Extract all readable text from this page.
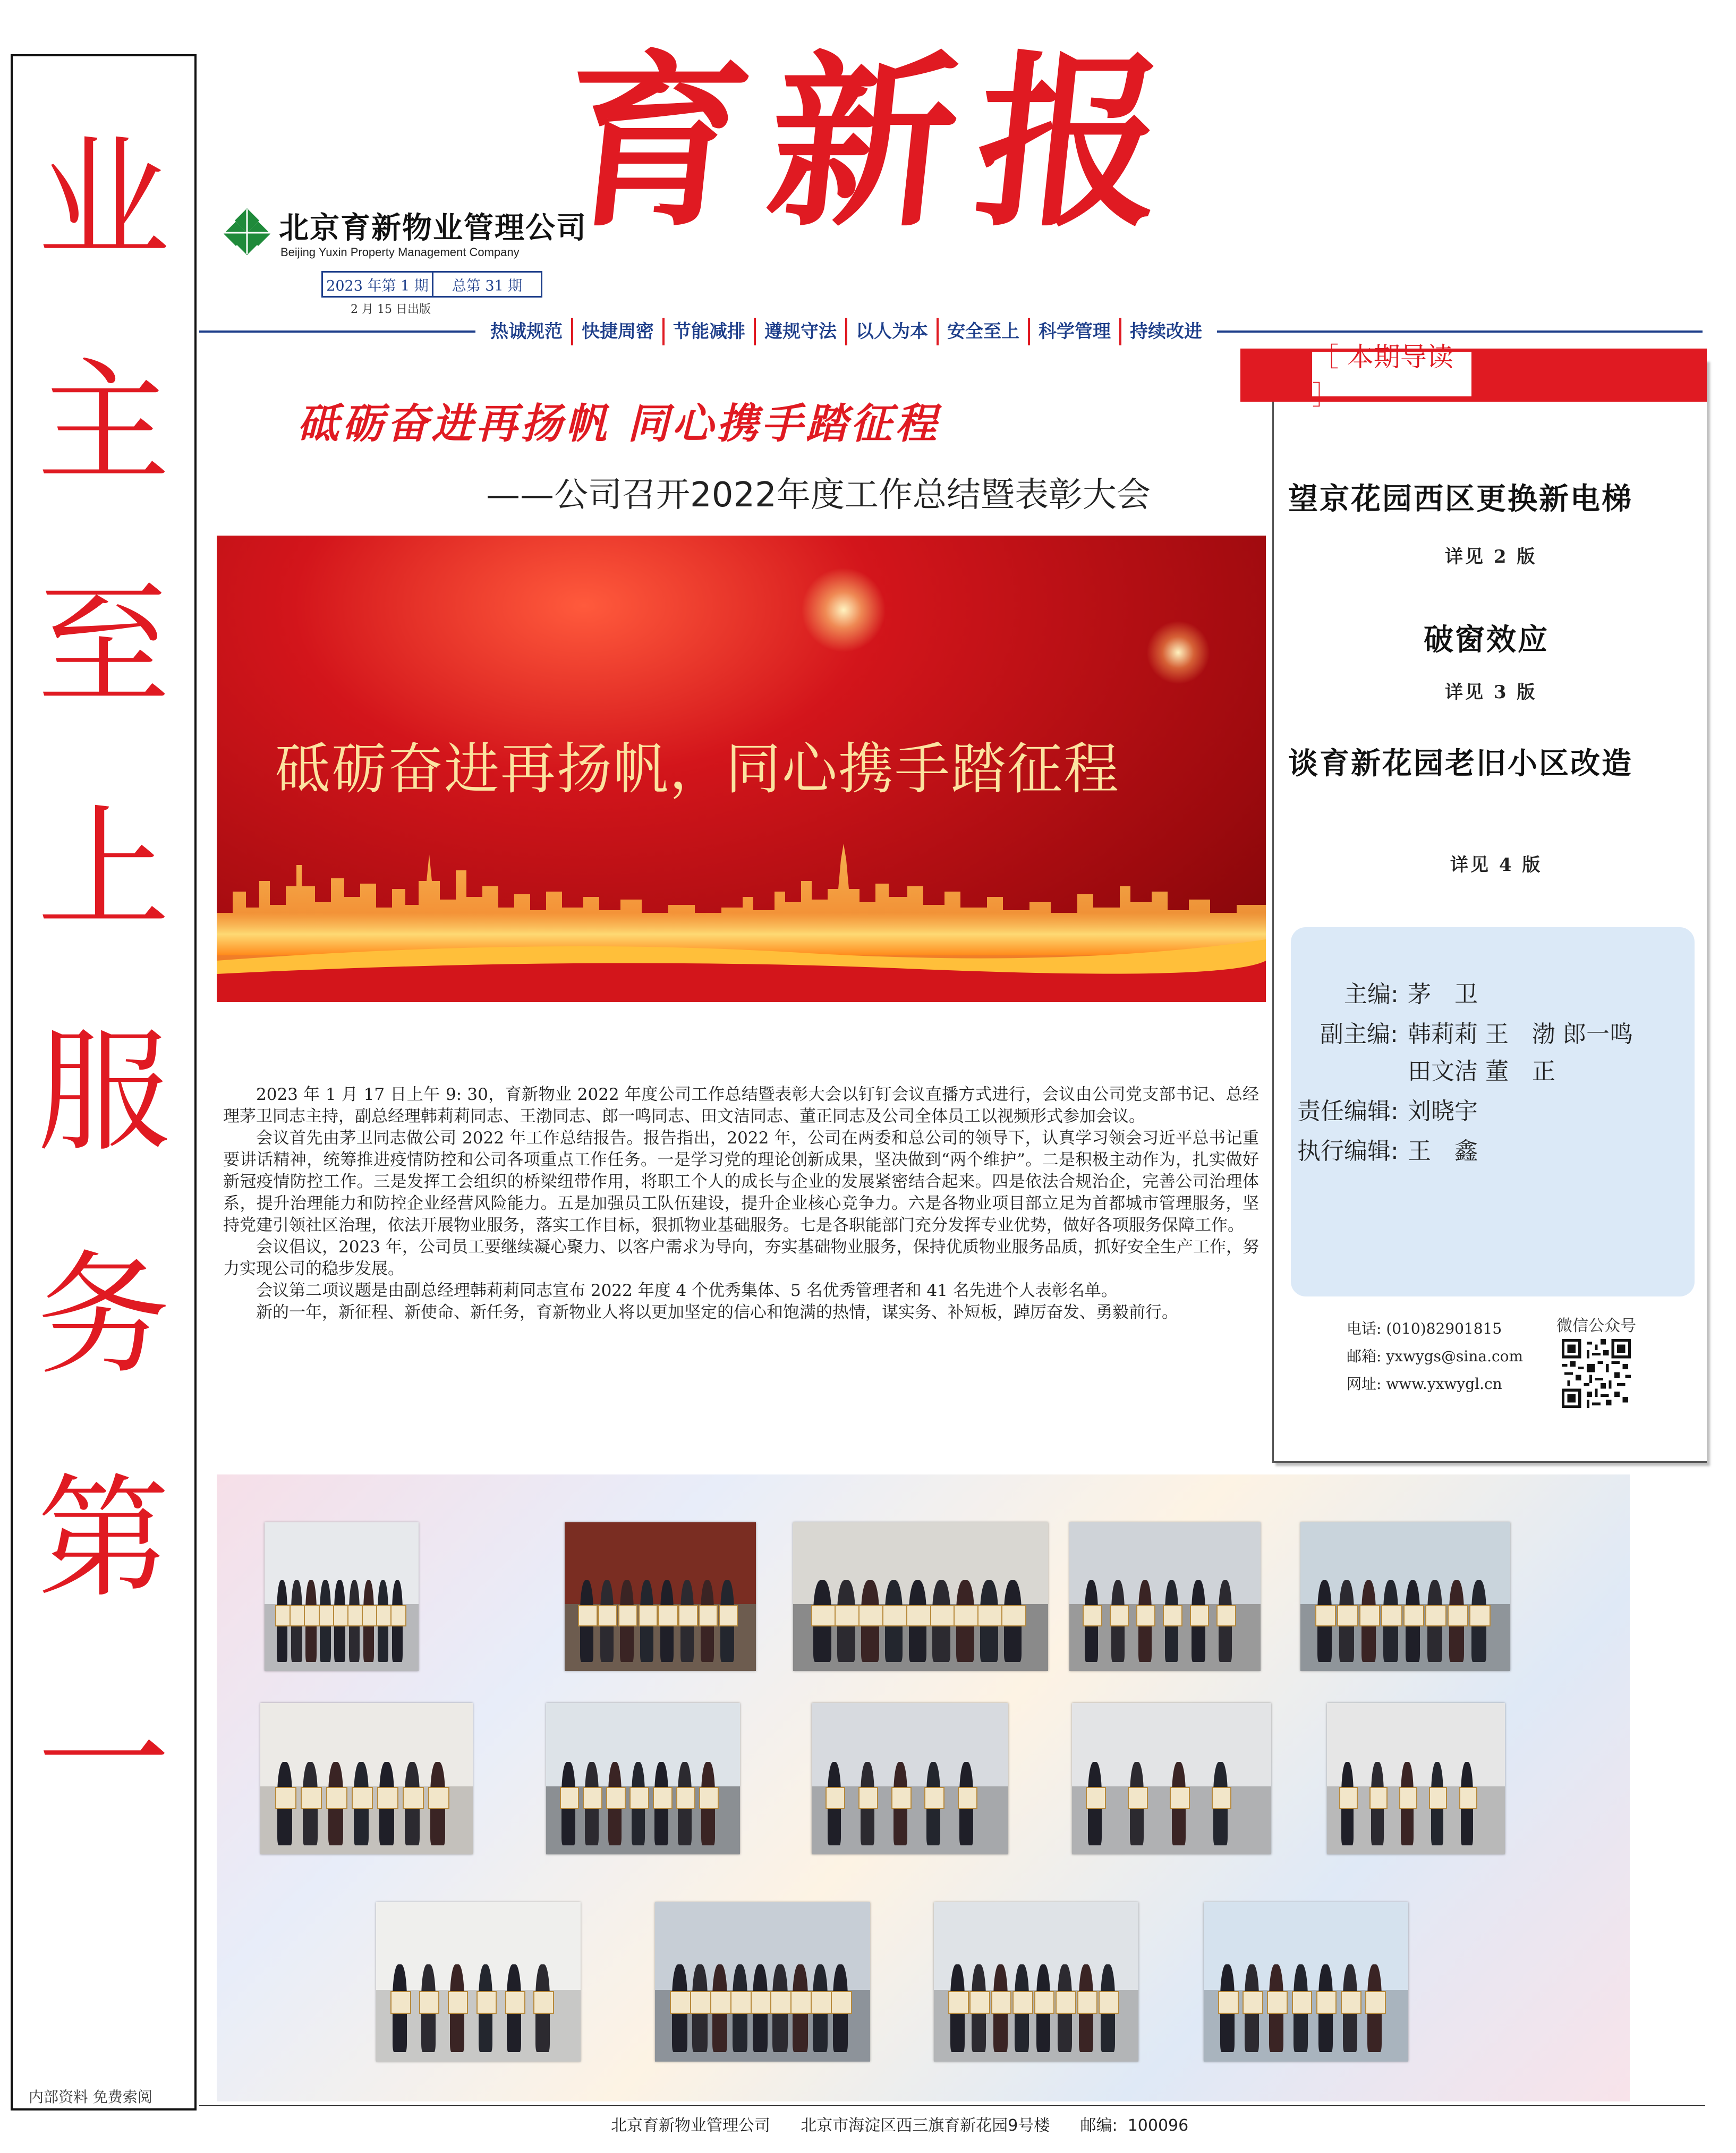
业
主
至
上
服
务
第
一
内部资料 免费索阅
北京育新物业管理公司
Beijing Yuxin Property Management Company
2023 年第 1 期	总第 31 期
2 月 15 日出版
育新报
热诚规范	快捷周密	节能减排	遵规守法	以人为本	安全至上	科学管理	持续改进
砥砺奋进再扬帆 同心携手踏征程
——公司召开2022年度工作总结暨表彰大会
砥砺奋进再扬帆，同心携手踏征程

2023 年 1 月 17 日上午 9: 30，育新物业 2022 年度公司工作总结暨表彰大会以钉钉会议直播方式进行，会议由公司党支部书记、总经理茅卫同志主持，副总经理韩莉莉同志、王渤同志、郎一鸣同志、田文洁同志、董正同志及公司全体员工以视频形式参加会议。

会议首先由茅卫同志做公司 2022 年工作总结报告。报告指出，2022 年，公司在两委和总公司的领导下，认真学习领会习近平总书记重要讲话精神，统筹推进疫情防控和公司各项重点工作任务。一是学习党的理论创新成果，坚决做到“两个维护”。二是积极主动作为，扎实做好新冠疫情防控工作。三是发挥工会组织的桥梁纽带作用，将职工个人的成长与企业的发展紧密结合起来。四是依法合规治企，完善公司治理体系，提升治理能力和防控企业经营风险能力。五是加强员工队伍建设，提升企业核心竞争力。六是各物业项目部立足为首都城市管理服务，坚持党建引领社区治理，依法开展物业服务，落实工作目标，狠抓物业基础服务。七是各职能部门充分发挥专业优势，做好各项服务保障工作。

会议倡议，2023 年，公司员工要继续凝心聚力、以客户需求为导向，夯实基础物业服务，保持优质物业服务品质，抓好安全生产工作，努力实现公司的稳步发展。

会议第二项议题是由副总经理韩莉莉同志宣布 2022 年度 4 个优秀集体、5 名优秀管理者和 41 名先进个人表彰名单。

新的一年，新征程、新使命、新任务，育新物业人将以更加坚定的信心和饱满的热情，谋实务、补短板，踔厉奋发、勇毅前行。

［ 本期导读 ］
望京花园西区更换新电梯
详见 2 版
破窗效应
详见 3 版
谈育新花园老旧小区改造
详见 4 版
主编: 茅　卫
副主编: 韩莉莉 王　渤 郎一鸣
田文洁 董　正
责任编辑: 刘晓宇
执行编辑: 王　鑫
电话: (010)82901815
邮箱: yxwygs@sina.com
网址: www.yxwygl.cn
微信公众号
北京育新物业管理公司      北京市海淀区西三旗育新花园9号楼      邮编:  100096
